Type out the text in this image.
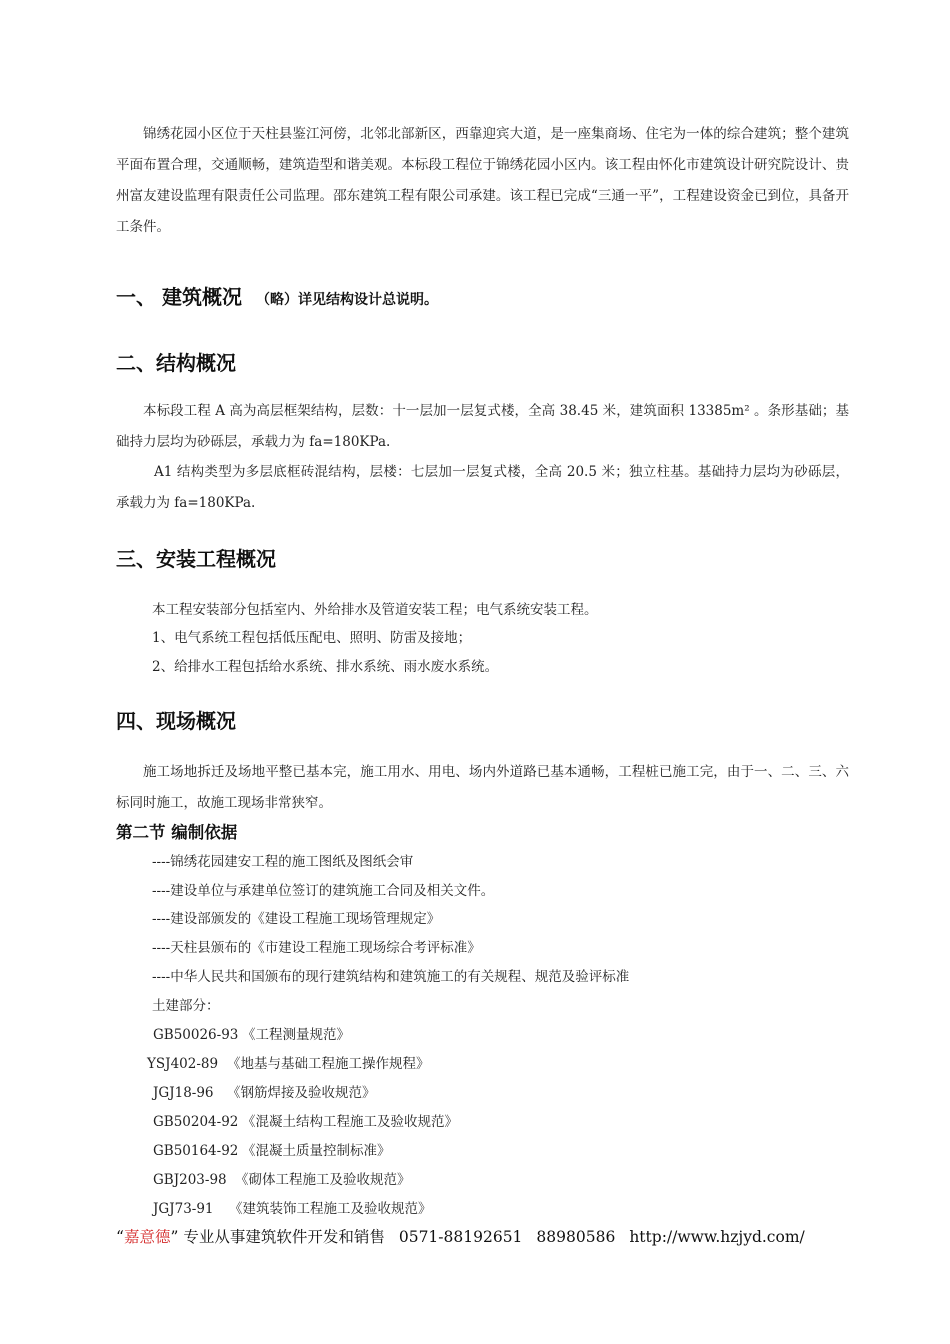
锦绣花园小区位于天柱县鉴江河傍，北邻北部新区，西靠迎宾大道，是一座集商场、住宅为一体的综合建筑；整个建筑平面布置合理，交通顺畅，建筑造型和谐美观。本标段工程位于锦绣花园小区内。该工程由怀化市建筑设计研究院设计、贵州富友建设监理有限责任公司监理。邵东建筑工程有限公司承建。该工程已完成“三通一平”，工程建设资金已到位，具备开工条件。

一、 建筑概况 （略）详见结构设计总说明。
二、结构概况

本标段工程 A 高为高层框架结构，层数：十一层加一层复式楼，全高 38.45 米，建筑面积 13385m² 。条形基础；基础持力层均为砂砾层，承载力为 fa=180KPa.

A1 结构类型为多层底框砖混结构，层楼：七层加一层复式楼，全高 20.5 米；独立柱基。基础持力层均为砂砾层，承载力为 fa=180KPa.

三、安装工程概况

本工程安装部分包括室内、外给排水及管道安装工程；电气系统安装工程。

1、电气系统工程包括低压配电、照明、防雷及接地；

2、给排水工程包括给水系统、排水系统、雨水废水系统。

四、现场概况

施工场地拆迁及场地平整已基本完，施工用水、用电、场内外道路已基本通畅，工程桩已施工完，由于一、二、三、六标同时施工，故施工现场非常狭窄。

第二节 编制依据

----锦绣花园建安工程的施工图纸及图纸会审

----建设单位与承建单位签订的建筑施工合同及相关文件。

----建设部颁发的《建设工程施工现场管理规定》

----天柱县颁布的《市建设工程施工现场综合考评标准》

----中华人民共和国颁布的现行建筑结构和建筑施工的有关规程、规范及验评标准

土建部分：

GB50026-93 《工程测量规范》

YSJ402-89 《地基与基础工程施工操作规程》

JGJ18-96 《钢筋焊接及验收规范》

GB50204-92 《混凝土结构工程施工及验收规范》

GB50164-92 《混凝土质量控制标准》

GBJ203-98 《砌体工程施工及验收规范》

JGJ73-91 《建筑装饰工程施工及验收规范》

“嘉意德” 专业从事建筑软件开发和销售 0571-88192651 88980586 http://www.hzjyd.com/
